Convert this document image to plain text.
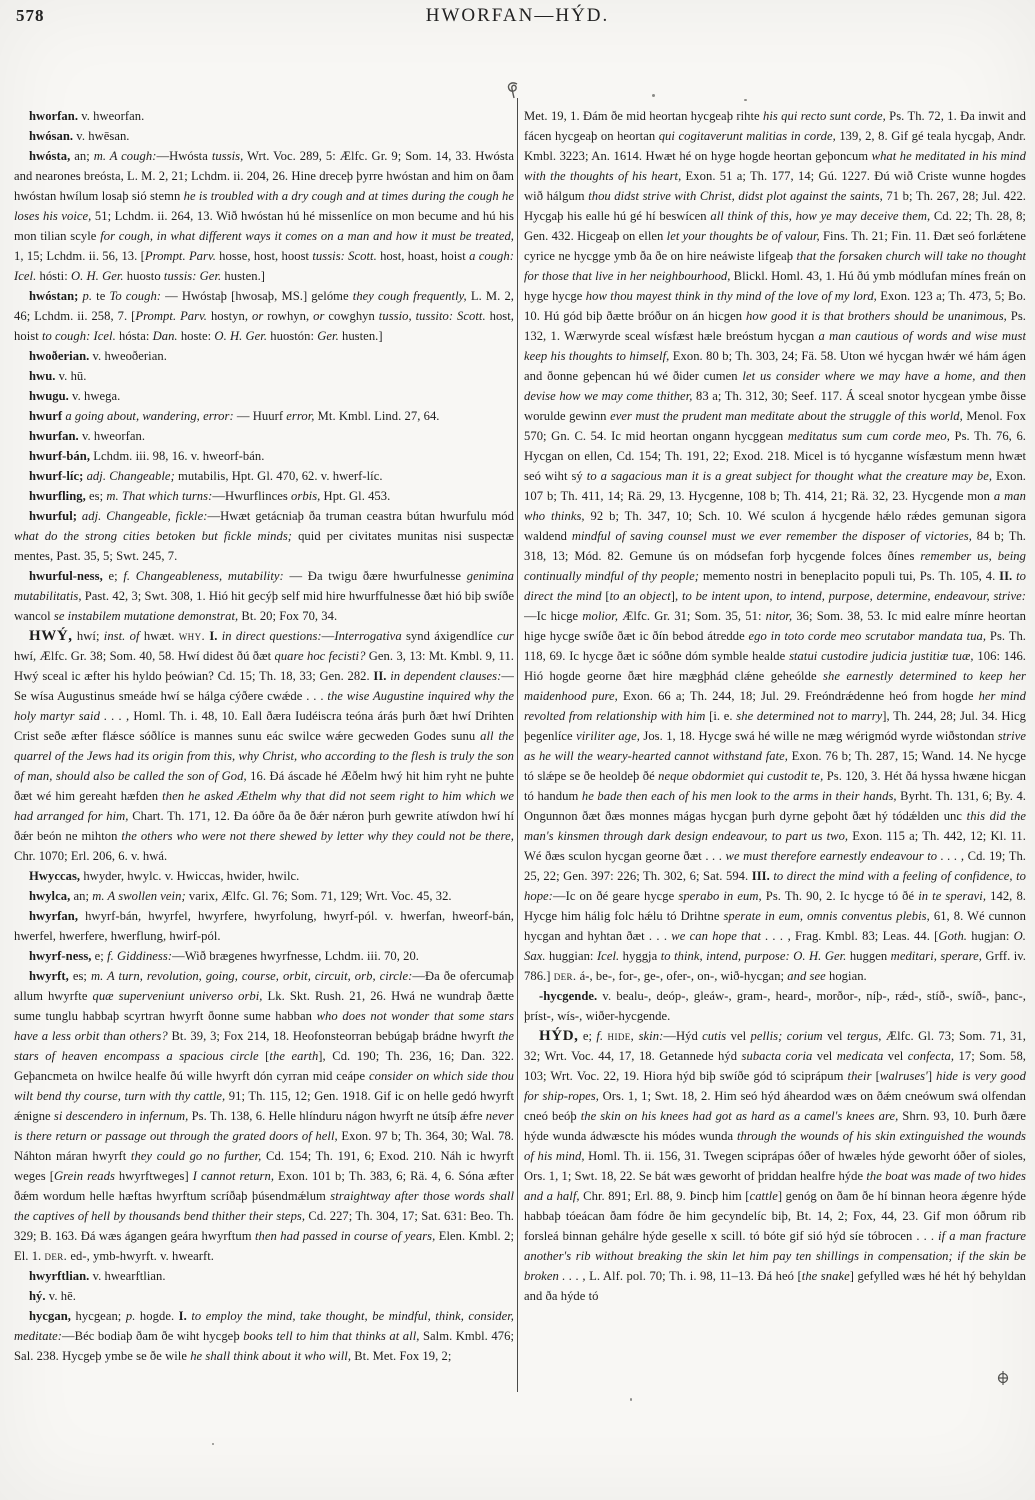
578	HWORFAN—HÝD.

hworfan. v. hweorfan.

hwósan. v. hwēsan.

hwósta, an; m. A cough:—Hwósta tussis, Wrt. Voc. 289, 5: Ælfc. Gr. 9; Som. 14, 33. Hwósta and nearones breósta, L. M. 2, 21; Lchdm. ii. 204, 26. Hine dreceþ þyrre hwóstan and him on ðam hwóstan hwílum losaþ sió stemn he is troubled with a dry cough and at times during the cough he loses his voice, 51; Lchdm. ii. 264, 13. Wið hwóstan hú hé missenlíce on mon becume and hú his mon tilian scyle for cough, in what different ways it comes on a man and how it must be treated, 1, 15; Lchdm. ii. 56, 13. [Prompt. Parv. hosse, host, hoost tussis: Scott. host, hoast, hoist a cough: Icel. hósti: O. H. Ger. huosto tussis: Ger. husten.]

hwóstan; p. te To cough: — Hwóstaþ [hwosaþ, MS.] gelóme they cough frequently, L. M. 2, 46; Lchdm. ii. 258, 7. [Prompt. Parv. hostyn, or rowhyn, or cowghyn tussio, tussito: Scott. host, hoist to cough: Icel. hósta: Dan. hoste: O. H. Ger. huostón: Ger. husten.]

hwoðerian. v. hweoðerian.

hwu. v. hū.

hwugu. v. hwega.

hwurf a going about, wandering, error: — Huurf error, Mt. Kmbl. Lind. 27, 64.

hwurfan. v. hweorfan.

hwurf-bán, Lchdm. iii. 98, 16. v. hweorf-bán.

hwurf-líc; adj. Changeable; mutabilis, Hpt. Gl. 470, 62. v. hwerf-líc.

hwurfling, es; m. That which turns:—Hwurflinces orbis, Hpt. Gl. 453.

hwurful; adj. Changeable, fickle:—Hwæt getácniaþ ða truman ceastra bútan hwurfulu mód what do the strong cities betoken but fickle minds; quid per civitates munitas nisi suspectæ mentes, Past. 35, 5; Swt. 245, 7.

hwurful-ness, e; f. Changeableness, mutability: — Ða twigu ðære hwurfulnesse genimina mutabilitatis, Past. 42, 3; Swt. 308, 1. Hió hit gecýþ self mid hire hwurffulnesse ðæt hió biþ swíðe wancol se instabilem mutatione demonstrat, Bt. 20; Fox 70, 34.

HWÝ, hwí; inst. of hwæt. why. I. in direct questions:—Interrogativa synd áxigendlíce cur hwí, Ælfc. Gr. 38; Som. 40, 58. Hwí didest ðú ðæt quare hoc fecisti? Gen. 3, 13: Mt. Kmbl. 9, 11. Hwý sceal ic æfter his hyldo þeówian? Cd. 15; Th. 18, 33; Gen. 282. II. in dependent clauses:—Se wísa Augustinus smeáde hwí se hálga cýðere cwǽde . . . the wise Augustine inquired why the holy martyr said . . . , Homl. Th. i. 48, 10. Eall ðæra Iudéiscra teóna árás þurh ðæt hwí Drihten Crist seðe æfter flǽsce sóðlíce is mannes sunu eác swilce wǽre gecweden Godes sunu all the quarrel of the Jews had its origin from this, why Christ, who according to the flesh is truly the son of man, should also be called the son of God, 16. Ðá áscade hé Æðelm hwý hit him ryht ne þuhte ðæt wé him gereaht hæfden then he asked Æthelm why that did not seem right to him which we had arranged for him, Chart. Th. 171, 12. Ða óðre ða ðe ðǽr nǽron þurh gewrite atíwdon hwí hí ðǽr beón ne mihton the others who were not there shewed by letter why they could not be there, Chr. 1070; Erl. 206, 6. v. hwá.

Hwyccas, hwyder, hwylc. v. Hwiccas, hwider, hwilc.

hwylca, an; m. A swollen vein; varix, Ælfc. Gl. 76; Som. 71, 129; Wrt. Voc. 45, 32.

hwyrfan, hwyrf-bán, hwyrfel, hwyrfere, hwyrfolung, hwyrf-pól. v. hwerfan, hweorf-bán, hwerfel, hwerfere, hwerflung, hwirf-pól.

hwyrf-ness, e; f. Giddiness:—Wið brægenes hwyrfnesse, Lchdm. iii. 70, 20.

hwyrft, es; m. A turn, revolution, going, course, orbit, circuit, orb, circle:—Ða ðe ofercumaþ allum hwyrfte quæ superveniunt universo orbi, Lk. Skt. Rush. 21, 26. Hwá ne wundraþ ðætte sume tunglu habbaþ scyrtran hwyrft ðonne sume habban who does not wonder that some stars have a less orbit than others? Bt. 39, 3; Fox 214, 18. Heofonsteorran bebúgaþ brádne hwyrft the stars of heaven encompass a spacious circle [the earth], Cd. 190; Th. 236, 16; Dan. 322. Geþancmeta on hwilce healfe ðú wille hwyrft dón cyrran mid ceápe consider on which side thou wilt bend thy course, turn with thy cattle, 91; Th. 115, 12; Gen. 1918. Gif ic on helle gedó hwyrft ǽnigne si descendero in infernum, Ps. Th. 138, 6. Helle hlínduru nágon hwyrft ne útsíþ ǽfre never is there return or passage out through the grated doors of hell, Exon. 97 b; Th. 364, 30; Wal. 78. Náhton máran hwyrft they could go no further, Cd. 154; Th. 191, 6; Exod. 210. Náh ic hwyrft weges [Grein reads hwyrftweges] I cannot return, Exon. 101 b; Th. 383, 6; Rä. 4, 6. Sóna æfter ðǽm wordum helle hæftas hwyrftum scríðaþ þúsendmǽlum straightway after those words shall the captives of hell by thousands bend thither their steps, Cd. 227; Th. 304, 17; Sat. 631: Beo. Th. 329; B. 163. Ðá wæs ágangen geára hwyrftum then had passed in course of years, Elen. Kmbl. 2; El. 1. der. ed-, ymb-hwyrft. v. hwearft.

hwyrftlian. v. hwearftlian.

hý. v. hē.

hycgan, hycgean; p. hogde. I. to employ the mind, take thought, be mindful, think, consider, meditate:—Béc bodiaþ ðam ðe wiht hycgeþ books tell to him that thinks at all, Salm. Kmbl. 476; Sal. 238. Hycgeþ ymbe se ðe wile he shall think about it who will, Bt. Met. Fox 19, 2;

Met. 19, 1. Ðám ðe mid heortan hycgeaþ rihte his qui recto sunt corde, Ps. Th. 72, 1. Ða inwit and fácen hycgeaþ on heortan qui cogitaverunt malitias in corde, 139, 2, 8. Gif gé teala hycgaþ, Andr. Kmbl. 3223; An. 1614. Hwæt hé on hyge hogde heortan geþoncum what he meditated in his mind with the thoughts of his heart, Exon. 51 a; Th. 177, 14; Gú. 1227. Ðú wið Criste wunne hogdes wið hálgum thou didst strive with Christ, didst plot against the saints, 71 b; Th. 267, 28; Jul. 422. Hycgaþ his ealle hú gé hí beswícen all think of this, how ye may deceive them, Cd. 22; Th. 28, 8; Gen. 432. Hicgeaþ on ellen let your thoughts be of valour, Fins. Th. 21; Fin. 11. Ðæt seó forlǽtene cyrice ne hycgge ymb ða ðe on hire neáwiste lifgeaþ that the forsaken church will take no thought for those that live in her neighbourhood, Blickl. Homl. 43, 1. Hú ðú ymb módlufan mínes freán on hyge hycge how thou mayest think in thy mind of the love of my lord, Exon. 123 a; Th. 473, 5; Bo. 10. Hú gód biþ ðætte bróður on án hicgen how good it is that brothers should be unanimous, Ps. 132, 1. Wærwyrde sceal wísfæst hæle breóstum hycgan a man cautious of words and wise must keep his thoughts to himself, Exon. 80 b; Th. 303, 24; Fä. 58. Uton wé hycgan hwǽr wé hám ágen and ðonne geþencan hú wé ðider cumen let us consider where we may have a home, and then devise how we may come thither, 83 a; Th. 312, 30; Seef. 117. Á sceal snotor hycgean ymbe ðisse worulde gewinn ever must the prudent man meditate about the struggle of this world, Menol. Fox 570; Gn. C. 54. Ic mid heortan ongann hycggean meditatus sum cum corde meo, Ps. Th. 76, 6. Hycgan on ellen, Cd. 154; Th. 191, 22; Exod. 218. Micel is tó hycganne wísfæstum menn hwæt seó wiht sý to a sagacious man it is a great subject for thought what the creature may be, Exon. 107 b; Th. 411, 14; Rä. 29, 13. Hycgenne, 108 b; Th. 414, 21; Rä. 32, 23. Hycgende mon a man who thinks, 92 b; Th. 347, 10; Sch. 10. Wé sculon á hycgende hǽlo rǽdes gemunan sigora waldend mindful of saving counsel must we ever remember the disposer of victories, 84 b; Th. 318, 13; Mód. 82. Gemune ús on módsefan forþ hycgende folces ðínes remember us, being continually mindful of thy people; memento nostri in beneplacito populi tui, Ps. Th. 105, 4. II. to direct the mind [to an object], to be intent upon, to intend, purpose, determine, endeavour, strive:—Ic hicge molior, Ælfc. Gr. 31; Som. 35, 51: nitor, 36; Som. 38, 53. Ic mid ealre mínre heortan hige hycge swíðe ðæt ic ðín bebod átredde ego in toto corde meo scrutabor mandata tua, Ps. Th. 118, 69. Ic hycge ðæt ic sóðne dóm symble healde statui custodire judicia justitiæ tuæ, 106: 146. Hió hogde georne ðæt hire mægþhád clǽne geheólde she earnestly determined to keep her maidenhood pure, Exon. 66 a; Th. 244, 18; Jul. 29. Freóndrǽdenne heó from hogde her mind revolted from relationship with him [i. e. she determined not to marry], Th. 244, 28; Jul. 34. Hicg þegenlíce viriliter age, Jos. 1, 18. Hycge swá hé wille ne mæg wérigmód wyrde wiðstondan strive as he will the weary-hearted cannot withstand fate, Exon. 76 b; Th. 287, 15; Wand. 14. Ne hycge tó slǽpe se ðe heoldeþ ðé neque obdormiet qui custodit te, Ps. 120, 3. Hét ðá hyssa hwæne hicgan tó handum he bade then each of his men look to the arms in their hands, Byrht. Th. 131, 6; By. 4. Ongunnon ðæt ðæs monnes mágas hycgan þurh dyrne geþoht ðæt hý tódǽlden unc this did the man's kinsmen through dark design endeavour, to part us two, Exon. 115 a; Th. 442, 12; Kl. 11. Wé ðæs sculon hycgan georne ðæt . . . we must therefore earnestly endeavour to . . . , Cd. 19; Th. 25, 22; Gen. 397: 226; Th. 302, 6; Sat. 594. III. to direct the mind with a feeling of confidence, to hope:—Ic on ðé geare hycge sperabo in eum, Ps. Th. 90, 2. Ic hycge tó ðé in te speravi, 142, 8. Hycge him hálig folc hǽlu tó Drihtne sperate in eum, omnis conventus plebis, 61, 8. Wé cunnon hycgan and hyhtan ðæt . . . we can hope that . . . , Frag. Kmbl. 83; Leas. 44. [Goth. hugjan: O. Sax. huggian: Icel. hyggja to think, intend, purpose: O. H. Ger. huggen meditari, sperare, Grff. iv. 786.] der. á-, be-, for-, ge-, ofer-, on-, wið-hycgan; and see hogian.

-hycgende. v. bealu-, deóp-, gleáw-, gram-, heard-, morðor-, níþ-, rǽd-, stíð-, swíð-, þanc-, þríst-, wís-, wiðer-hycgende.

HÝD, e; f. hide, skin:—Hýd cutis vel pellis; corium vel tergus, Ælfc. Gl. 73; Som. 71, 31, 32; Wrt. Voc. 44, 17, 18. Getannede hýd subacta coria vel medicata vel confecta, 17; Som. 58, 103; Wrt. Voc. 22, 19. Hiora hýd biþ swíðe gód tó sciprápum their [walruses'] hide is very good for ship-ropes, Ors. 1, 1; Swt. 18, 2. Him seó hýd áheardod wæs on ðǽm cneówum swá olfendan cneó beóþ the skin on his knees had got as hard as a camel's knees are, Shrn. 93, 10. Þurh ðære hýde wunda ádwæscte his módes wunda through the wounds of his skin extinguished the wounds of his mind, Homl. Th. ii. 156, 31. Twegen sciprápas óðer of hwæles hýde geworht óðer of sioles, Ors. 1, 1; Swt. 18, 22. Se bát wæs geworht of þriddan healfre hýde the boat was made of two hides and a half, Chr. 891; Erl. 88, 9. Þincþ him [cattle] genóg on ðam ðe hí binnan heora ǽgenre hýde habbaþ tóeácan ðam fódre ðe him gecyndelíc biþ, Bt. 14, 2; Fox, 44, 23. Gif mon óðrum rib forsleá binnan gehálre hýde geselle x scill. tó bóte gif sió hýd síe tóbrocen . . . if a man fracture another's rib without breaking the skin let him pay ten shillings in compensation; if the skin be broken . . . , L. Alf. pol. 70; Th. i. 98, 11–13. Ðá heó [the snake] gefylled wæs hé hét hý behyldan and ða hýde tó
